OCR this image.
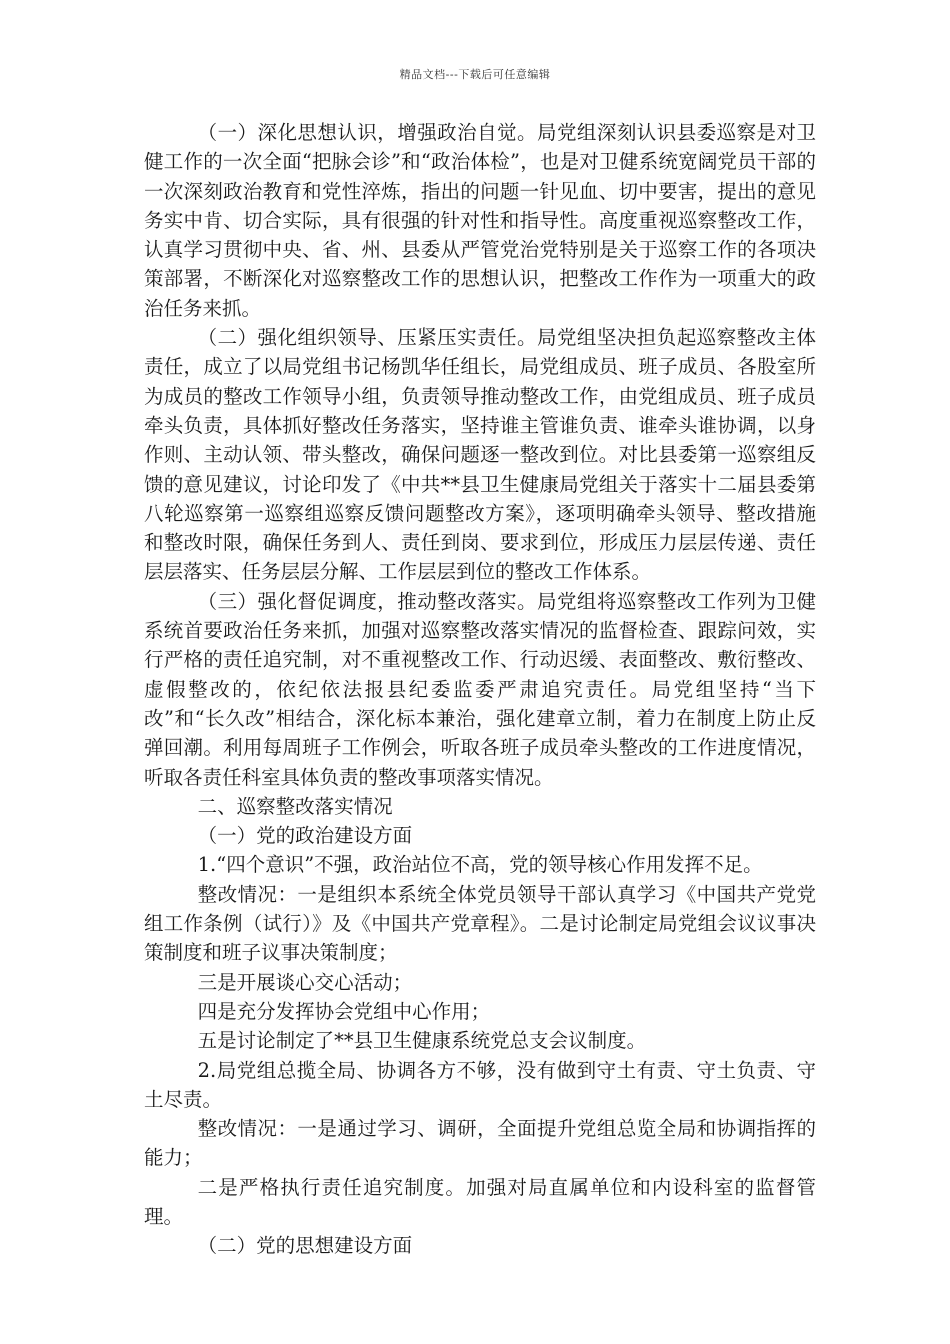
精品文档---下载后可任意编辑

（一）深化思想认识，增强政治自觉。局党组深刻认识县委巡察是对卫健工作的一次全面“把脉会诊”和“政治体检”，也是对卫健系统宽阔党员干部的一次深刻政治教育和党性淬炼，指出的问题一针见血、切中要害，提出的意见务实中肯、切合实际，具有很强的针对性和指导性。高度重视巡察整改工作，认真学习贯彻中央、省、州、县委从严管党治党特别是关于巡察工作的各项决策部署，不断深化对巡察整改工作的思想认识，把整改工作作为一项重大的政治任务来抓。

（二）强化组织领导、压紧压实责任。局党组坚决担负起巡察整改主体责任，成立了以局党组书记杨凯华任组长，局党组成员、班子成员、各股室所为成员的整改工作领导小组，负责领导推动整改工作，由党组成员、班子成员牵头负责，具体抓好整改任务落实，坚持谁主管谁负责、谁牵头谁协调，以身作则、主动认领、带头整改，确保问题逐一整改到位。对比县委第一巡察组反馈的意见建议，讨论印发了《中共**县卫生健康局党组关于落实十二届县委第八轮巡察第一巡察组巡察反馈问题整改方案》，逐项明确牵头领导、整改措施和整改时限，确保任务到人、责任到岗、要求到位，形成压力层层传递、责任层层落实、任务层层分解、工作层层到位的整改工作体系。

（三）强化督促调度，推动整改落实。局党组将巡察整改工作列为卫健系统首要政治任务来抓，加强对巡察整改落实情况的监督检查、跟踪问效，实行严格的责任追究制，对不重视整改工作、行动迟缓、表面整改、敷衍整改、虚假整改的，依纪依法报县纪委监委严肃追究责任。局党组坚持“当下改”和“长久改”相结合，深化标本兼治，强化建章立制，着力在制度上防止反弹回潮。利用每周班子工作例会，听取各班子成员牵头整改的工作进度情况，听取各责任科室具体负责的整改事项落实情况。

二、巡察整改落实情况

（一）党的政治建设方面

1.“四个意识”不强，政治站位不高，党的领导核心作用发挥不足。

整改情况：一是组织本系统全体党员领导干部认真学习《中国共产党党组工作条例（试行）》及《中国共产党章程》。二是讨论制定局党组会议议事决策制度和班子议事决策制度；

三是开展谈心交心活动；

四是充分发挥协会党组中心作用；

五是讨论制定了**县卫生健康系统党总支会议制度。

2.局党组总揽全局、协调各方不够，没有做到守土有责、守土负责、守土尽责。

整改情况：一是通过学习、调研，全面提升党组总览全局和协调指挥的能力；

二是严格执行责任追究制度。加强对局直属单位和内设科室的监督管理。

（二）党的思想建设方面
